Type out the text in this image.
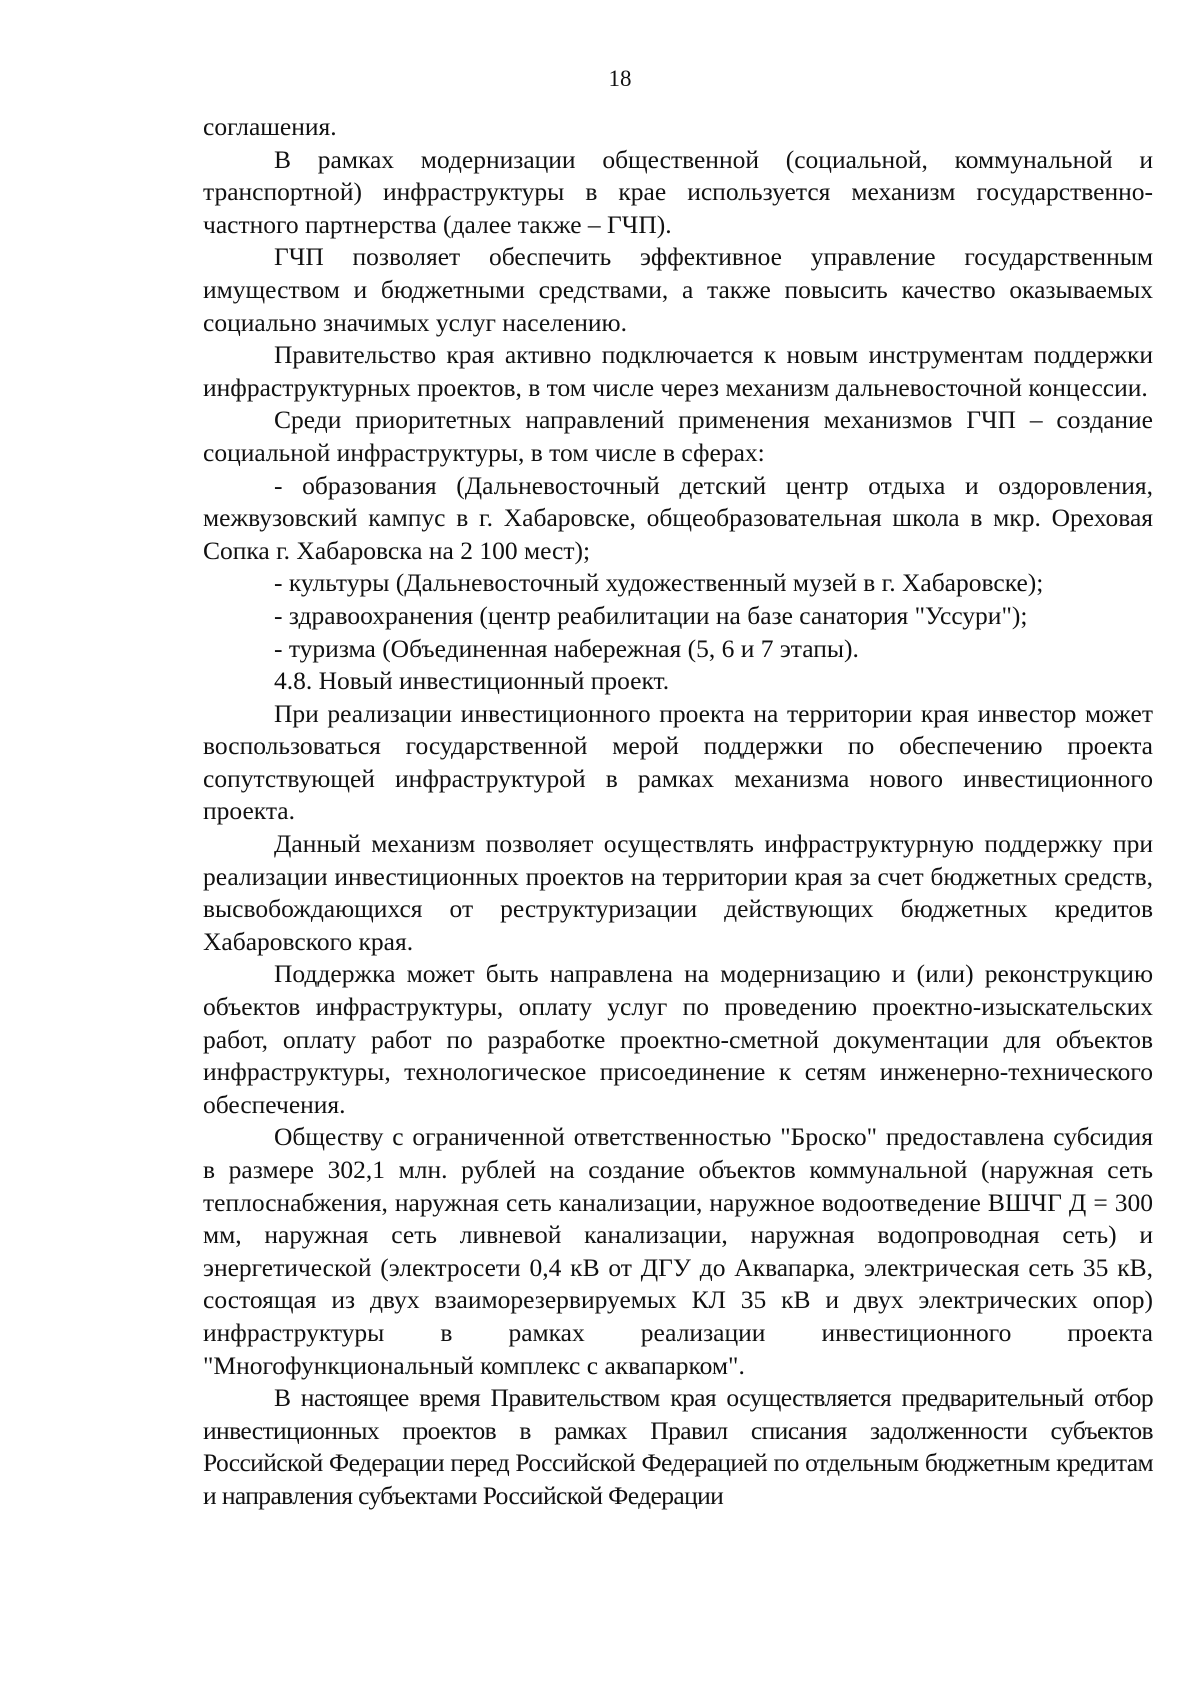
18

соглашения.

В рамках модернизации общественной (социальной, коммунальной и транспортной) инфраструктуры в крае используется механизм государственно-частного партнерства (далее также – ГЧП).

ГЧП позволяет обеспечить эффективное управление государственным имуществом и бюджетными средствами, а также повысить качество оказываемых социально значимых услуг населению.

Правительство края активно подключается к новым инструментам поддержки инфраструктурных проектов, в том числе через механизм дальневосточной концессии.

Среди приоритетных направлений применения механизмов ГЧП – создание социальной инфраструктуры, в том числе в сферах:

- образования (Дальневосточный детский центр отдыха и оздоровления, межвузовский кампус в г. Хабаровске, общеобразовательная школа в мкр. Ореховая Сопка г. Хабаровска на 2 100 мест);

- культуры (Дальневосточный художественный музей в г. Хабаровске);

- здравоохранения (центр реабилитации на базе санатория "Уссури");

- туризма (Объединенная набережная (5, 6 и 7 этапы).

4.8. Новый инвестиционный проект.

При реализации инвестиционного проекта на территории края инвестор может воспользоваться государственной мерой поддержки по обеспечению проекта сопутствующей инфраструктурой в рамках механизма нового инвестиционного проекта.

Данный механизм позволяет осуществлять инфраструктурную поддержку при реализации инвестиционных проектов на территории края за счет бюджетных средств, высвобождающихся от реструктуризации действующих бюджетных кредитов Хабаровского края.

Поддержка может быть направлена на модернизацию и (или) реконструкцию объектов инфраструктуры, оплату услуг по проведению проектно-изыскательских работ, оплату работ по разработке проектно-сметной документации для объектов инфраструктуры, технологическое присоединение к сетям инженерно-технического обеспечения.

Обществу с ограниченной ответственностью "Броско" предоставлена субсидия в размере 302,1 млн. рублей на создание объектов коммунальной (наружная сеть теплоснабжения, наружная сеть канализации, наружное водоотведение ВШЧГ Д = 300 мм, наружная сеть ливневой канализации, наружная водопроводная сеть) и энергетической (электросети 0,4 кВ от ДГУ до Аквапарка, электрическая сеть 35 кВ, состоящая из двух взаиморезервируемых КЛ 35 кВ и двух электрических опор) инфраструктуры в рамках реализации инвестиционного проекта "Многофункциональный комплекс с аквапарком".

В настоящее время Правительством края осуществляется предварительный отбор инвестиционных проектов в рамках Правил списания задолженности субъектов Российской Федерации перед Российской Федерацией по отдельным бюджетным кредитам и направления субъектами Российской Федерации
